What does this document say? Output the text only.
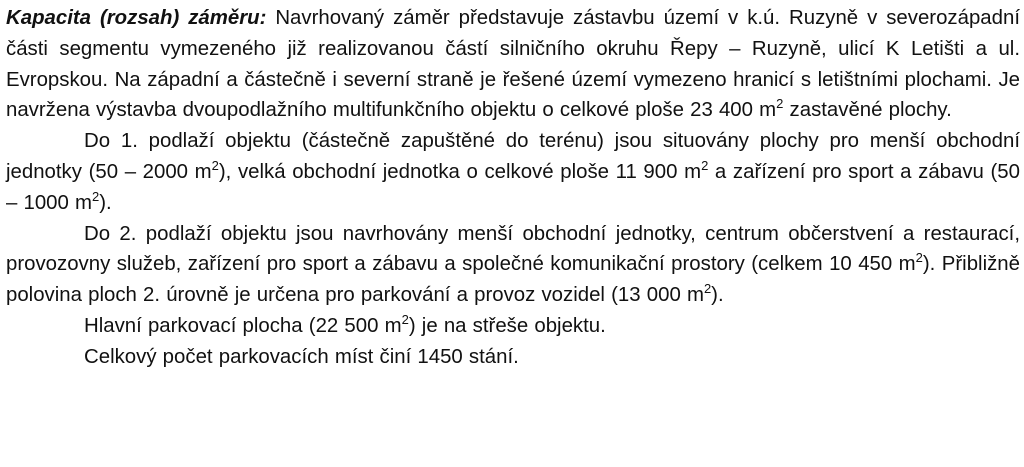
Kapacita (rozsah) záměru: Navrhovaný záměr představuje zástavbu území v k.ú. Ruzyně v severozápadní části segmentu vymezeného již realizovanou částí silničního okruhu Řepy – Ruzyně, ulicí K Letišti a ul. Evropskou. Na západní a částečně i severní straně je řešené území vymezeno hranicí s letištními plochami. Je navržena výstavba dvoupodlažního multifunkčního objektu o celkové ploše 23 400 $m^2$ zastavěné plochy.

Do 1. podlaží objektu (částečně zapuštěné do terénu) jsou situovány plochy pro menší obchodní jednotky (50 – 2000 $m^2$), velká obchodní jednotka o celkové ploše 11 900 $m^2$ a zařízení pro sport a zábavu (50 – 1000 $m^2$).

Do 2. podlaží objektu jsou navrhovány menší obchodní jednotky, centrum občerstvení a restaurací, provozovny služeb, zařízení pro sport a zábavu a společné komunikační prostory (celkem 10 450 $m^2$). Přibližně polovina ploch 2. úrovně je určena pro parkování a provoz vozidel (13 000 $m^2$).

Hlavní parkovací plocha (22 500 $m^2$) je na střeše objektu.

Celkový počet parkovacích míst činí 1450 stání.
